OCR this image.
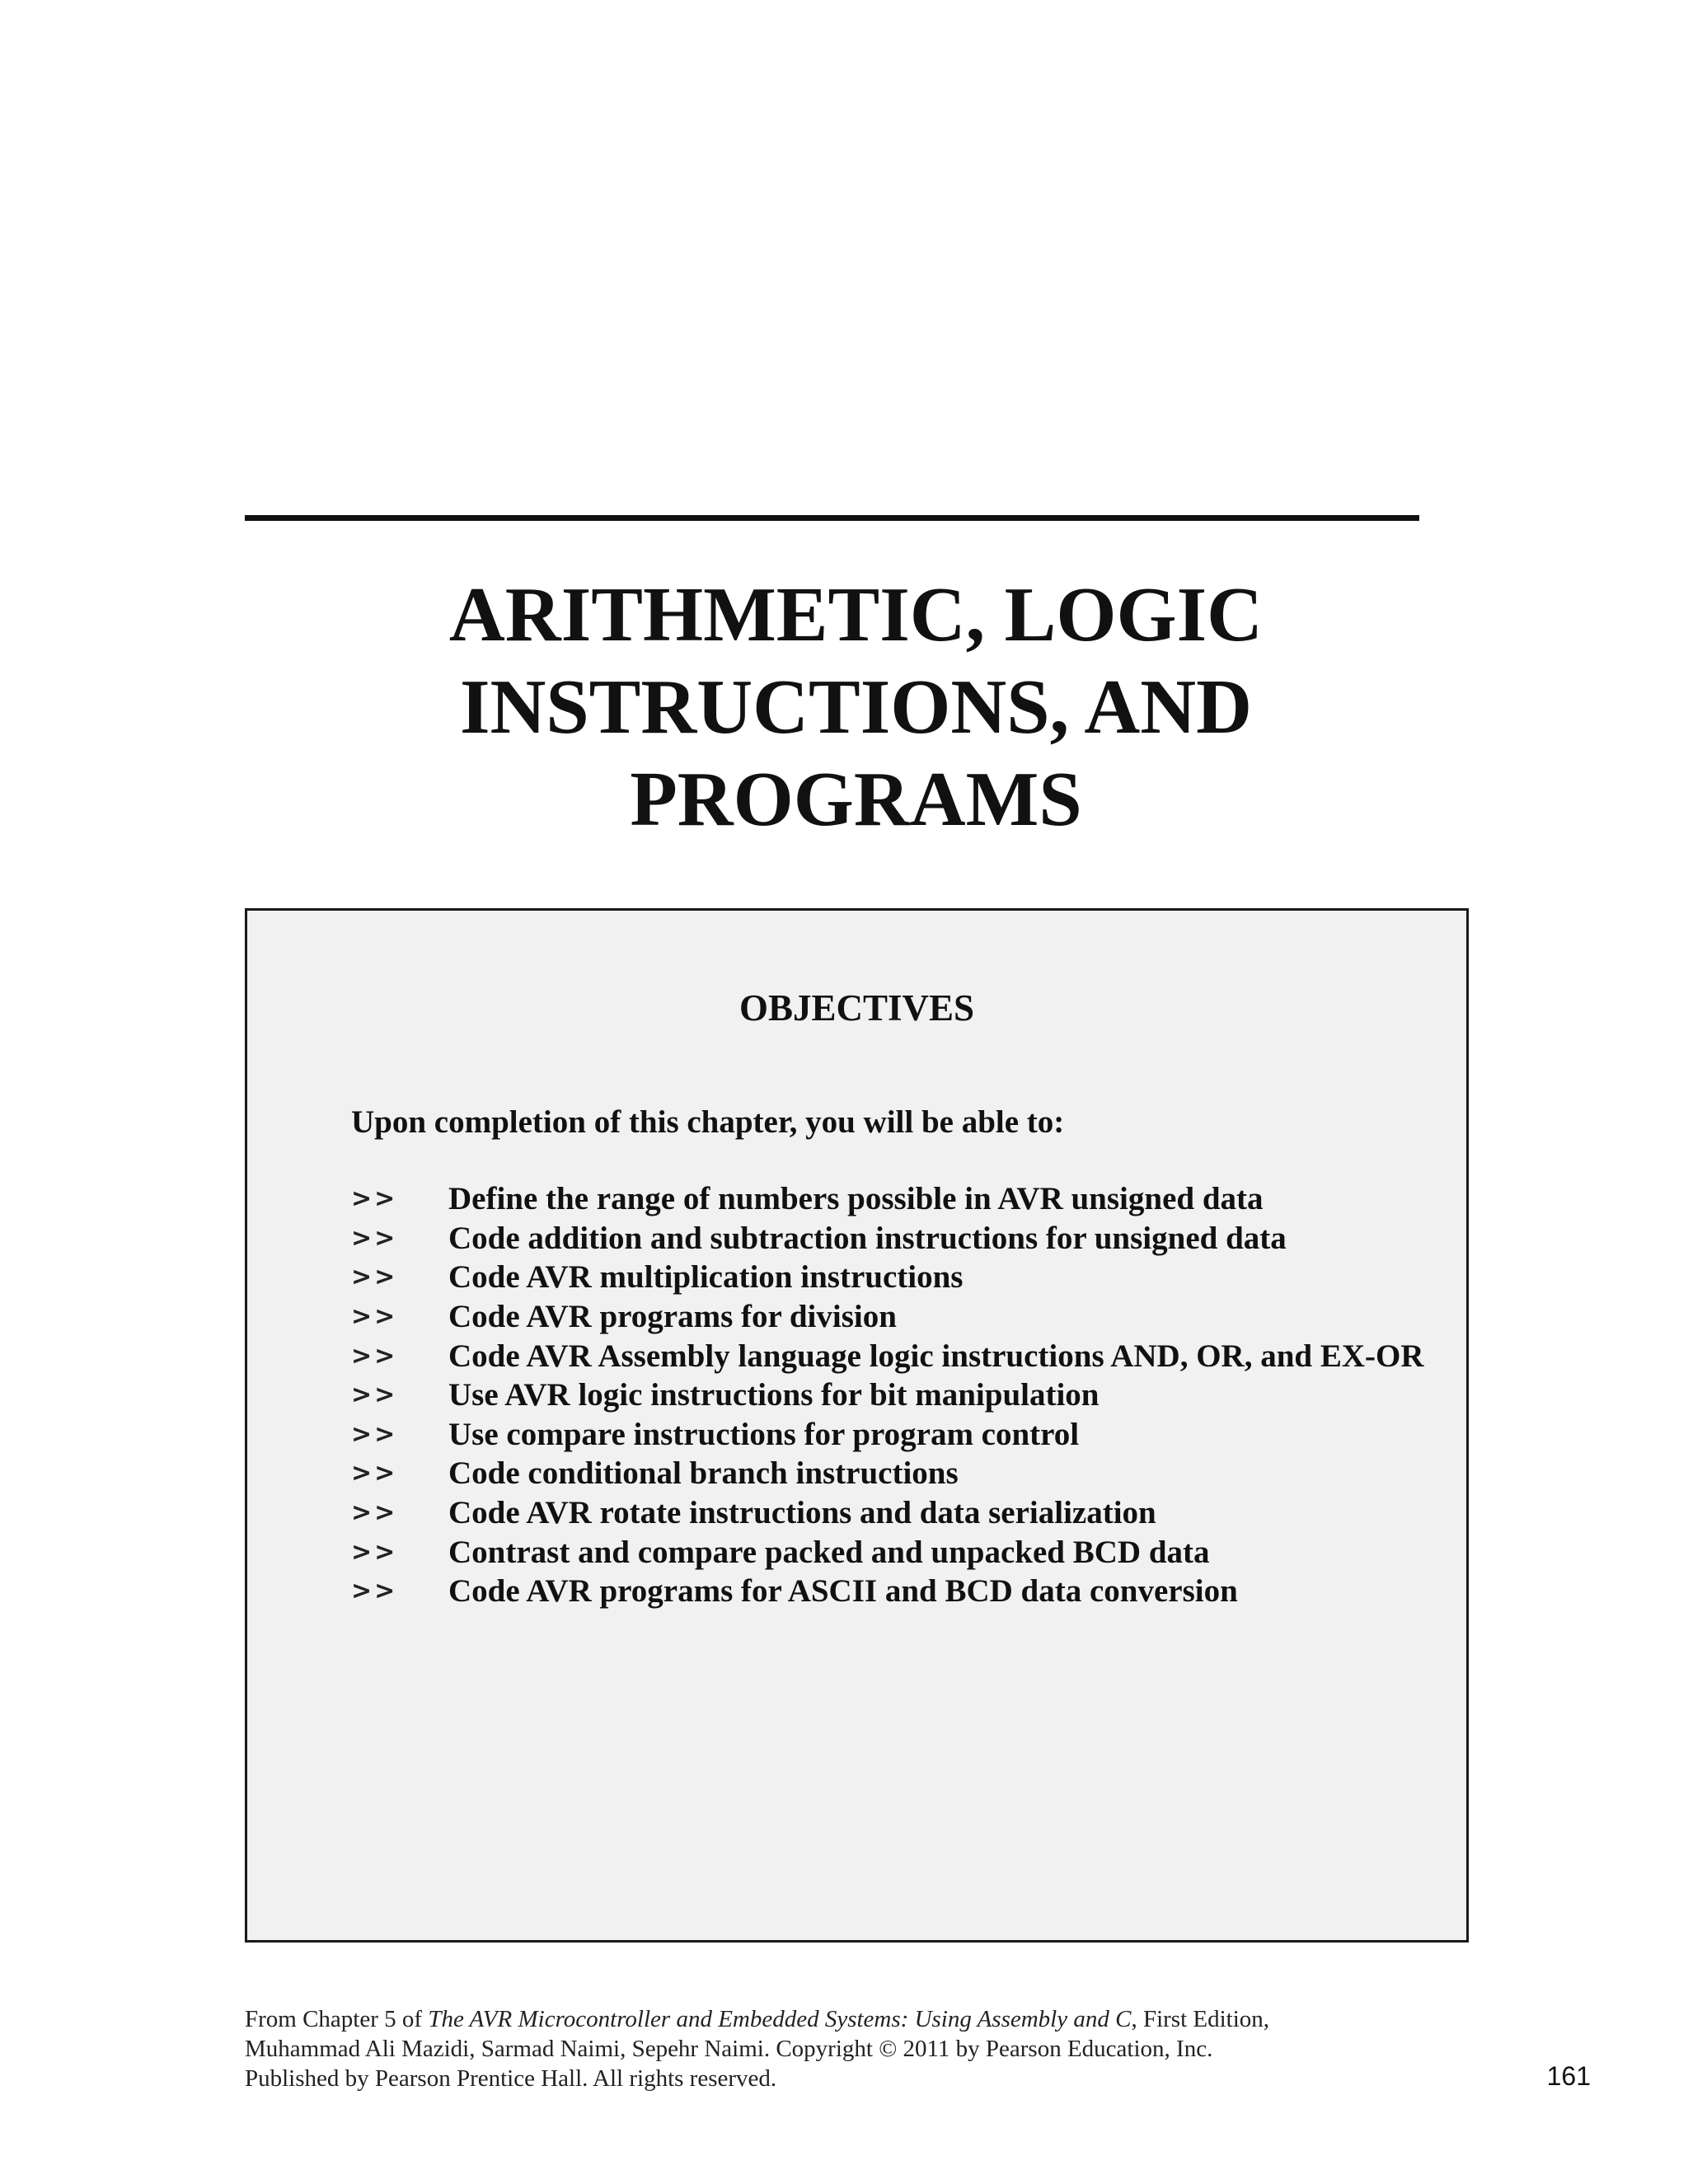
ARITHMETIC, LOGIC
INSTRUCTIONS, AND
PROGRAMS
OBJECTIVES
Upon completion of this chapter, you will be able to:
>>	Define the range of numbers possible in AVR unsigned data
>>	Code addition and subtraction instructions for unsigned data
>>	Code AVR multiplication instructions
>>	Code AVR programs for division
>>	Code AVR Assembly language logic instructions AND, OR, and EX-OR
>>	Use AVR logic instructions for bit manipulation
>>	Use compare instructions for program control
>>	Code conditional branch instructions
>>	Code AVR rotate instructions and data serialization
>>	Contrast and compare packed and unpacked BCD data
>>	Code AVR programs for ASCII and BCD data conversion
From Chapter 5 of The AVR Microcontroller and Embedded Systems: Using Assembly and C, First Edition,
Muhammad Ali Mazidi, Sarmad Naimi, Sepehr Naimi. Copyright © 2011 by Pearson Education, Inc.
Published by Pearson Prentice Hall. All rights reserved.	161
